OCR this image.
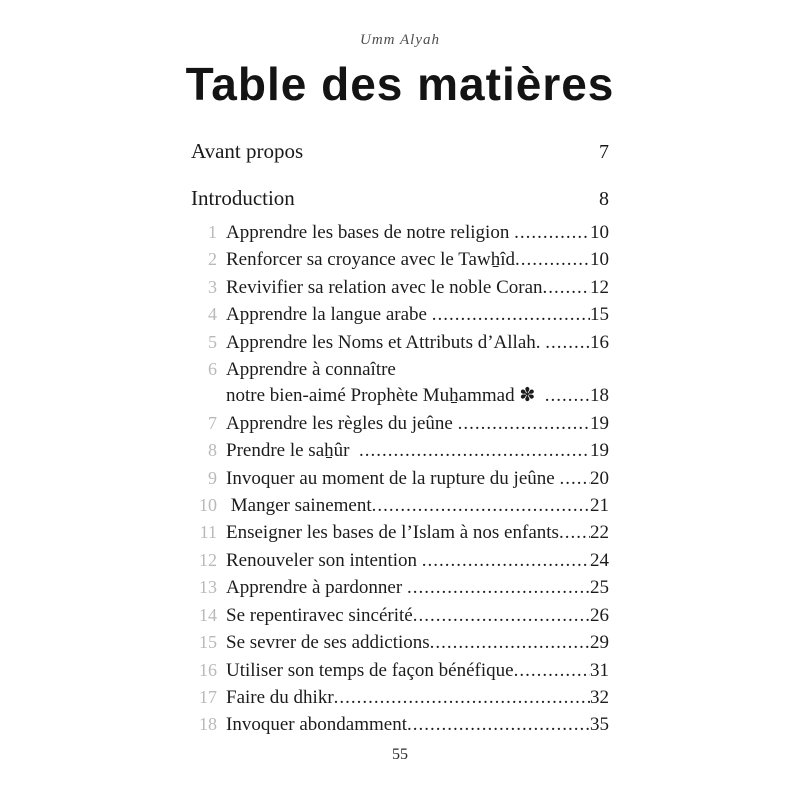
Umm Alyah
Table des matières
Avant propos	7
Introduction	8
1 Apprendre les bases de notre religion .....	10
2 Renforcer sa croyance avec le Tawẖîd .....	10
3 Revivifier sa relation avec le noble Coran ..... 12
4 Apprendre la langue arabe .....	15
5 Apprendre les Noms et Attributs d’Allah. ..... 16
6 Apprendre à connaître
notre bien-aimé Prophète Muẖammad ✽ ..... 18
7 Apprendre les règles du jeûne .....	19
8 Prendre le saẖûr .....	19
9 Invoquer au moment de la rupture du jeûne ..... 20
10 Manger sainement .....	21
11 Enseigner les bases de l’Islam à nos enfants ..... 22
12 Renouveler son intention .....	24
13 Apprendre à pardonner .....	25
14 Se repentiravec sincérité .....	26
15 Se sevrer de ses addictions .....	29
16 Utiliser son temps de façon bénéfique .....	31
17 Faire du dhikr .....	32
18 Invoquer abondamment .....	35
55
